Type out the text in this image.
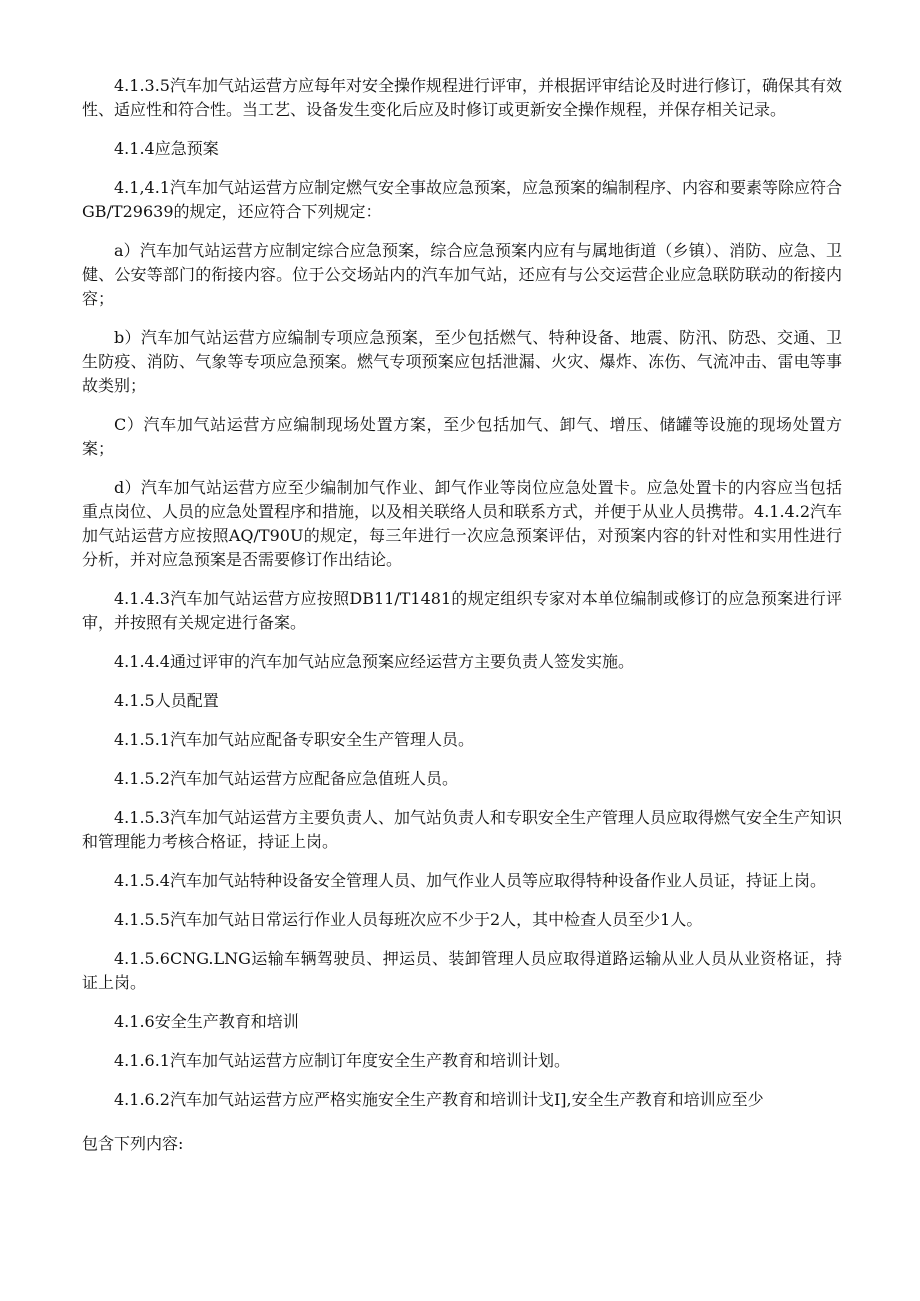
4.1.3.5汽车加气站运营方应每年对安全操作规程进行评审，并根据评审结论及时进行修订，确保其有效性、适应性和符合性。当工艺、设备发生变化后应及时修订或更新安全操作规程，并保存相关记录。

4.1.4应急预案

4.1,4.1汽车加气站运营方应制定燃气安全事故应急预案，应急预案的编制程序、内容和要素等除应符合GB/T29639的规定，还应符合下列规定：

a）汽车加气站运营方应制定综合应急预案，综合应急预案内应有与属地街道（乡镇）、消防、应急、卫健、公安等部门的衔接内容。位于公交场站内的汽车加气站，还应有与公交运营企业应急联防联动的衔接内容；

b）汽车加气站运营方应编制专项应急预案，至少包括燃气、特种设备、地震、防汛、防恐、交通、卫生防疫、消防、气象等专项应急预案。燃气专项预案应包括泄漏、火灾、爆炸、冻伤、气流冲击、雷电等事故类别；

C）汽车加气站运营方应编制现场处置方案，至少包括加气、卸气、增压、储罐等设施的现场处置方案；

d）汽车加气站运营方应至少编制加气作业、卸气作业等岗位应急处置卡。应急处置卡的内容应当包括重点岗位、人员的应急处置程序和措施，以及相关联络人员和联系方式，并便于从业人员携带。4.1.4.2汽车加气站运营方应按照AQ/T90U的规定，每三年进行一次应急预案评估，对预案内容的针对性和实用性进行分析，并对应急预案是否需要修订作出结论。

4.1.4.3汽车加气站运营方应按照DB11/T1481的规定组织专家对本单位编制或修订的应急预案进行评审，并按照有关规定进行备案。

4.1.4.4通过评审的汽车加气站应急预案应经运营方主要负责人签发实施。

4.1.5人员配置

4.1.5.1汽车加气站应配备专职安全生产管理人员。

4.1.5.2汽车加气站运营方应配备应急值班人员。

4.1.5.3汽车加气站运营方主要负责人、加气站负责人和专职安全生产管理人员应取得燃气安全生产知识和管理能力考核合格证，持证上岗。

4.1.5.4汽车加气站特种设备安全管理人员、加气作业人员等应取得特种设备作业人员证，持证上岗。

4.1.5.5汽车加气站日常运行作业人员每班次应不少于2人，其中检查人员至少1人。

4.1.5.6CNG.LNG运输车辆驾驶员、押运员、装卸管理人员应取得道路运输从业人员从业资格证，持证上岗。

4.1.6安全生产教育和培训

4.1.6.1汽车加气站运营方应制订年度安全生产教育和培训计划。

4.1.6.2汽车加气站运营方应严格实施安全生产教育和培训计戈I],安全生产教育和培训应至少

包含下列内容:
